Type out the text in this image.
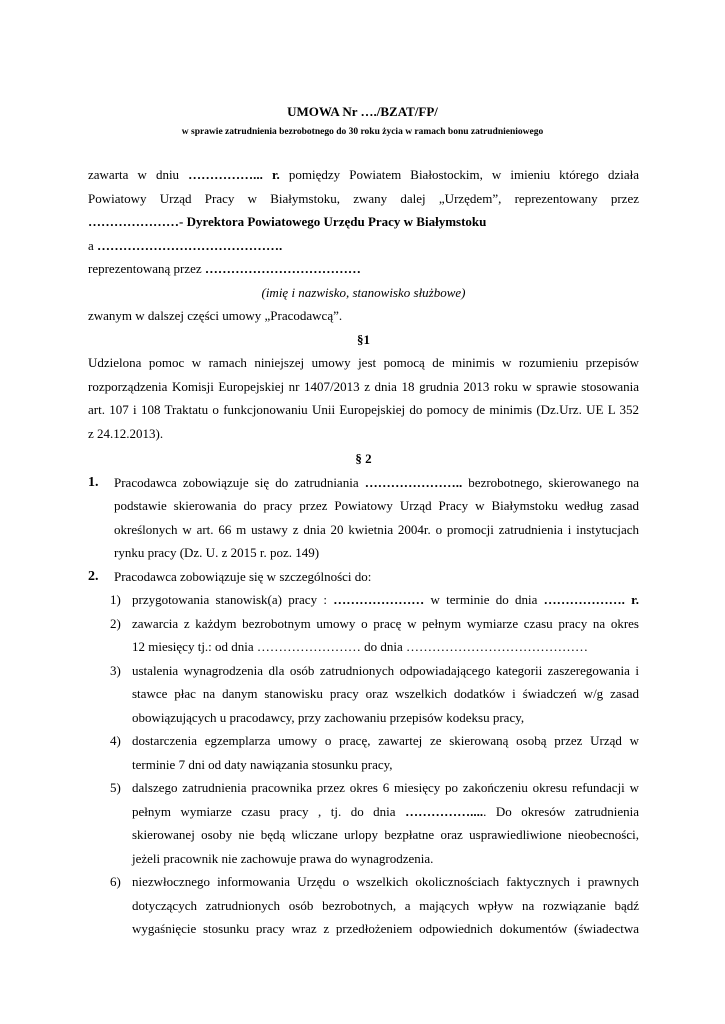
UMOWA Nr …./BZAT/FP/
w sprawie zatrudnienia bezrobotnego do 30 roku życia w ramach bonu zatrudnieniowego
zawarta w dniu ……………... r. pomiędzy Powiatem Białostockim, w imieniu którego działa
Powiatowy Urząd Pracy w Białymstoku, zwany dalej „Urzędem”, reprezentowany przez
…………………- Dyrektora Powiatowego Urzędu Pracy w Białymstoku
a …………………………………….
reprezentowaną przez ………………………………
(imię i nazwisko, stanowisko służbowe)
zwanym w dalszej części umowy „Pracodawcą”.
§1
Udzielona pomoc w ramach niniejszej umowy jest pomocą de minimis w rozumieniu przepisów
rozporządzenia Komisji Europejskiej nr 1407/2013 z dnia 18 grudnia 2013 roku w sprawie stosowania
art. 107 i 108 Traktatu o funkcjonowaniu Unii Europejskiej do pomocy de minimis (Dz.Urz. UE L 352
z 24.12.2013).
§ 2
1. Pracodawca zobowiązuje się do zatrudniania ………………….. bezrobotnego, skierowanego na
podstawie skierowania do pracy przez Powiatowy Urząd Pracy w Białymstoku według zasad
określonych w art. 66 m ustawy z dnia 20 kwietnia 2004r. o promocji zatrudnienia i instytucjach
rynku pracy (Dz. U. z 2015 r. poz. 149)
2. Pracodawca zobowiązuje się w szczególności do:
1) przygotowania stanowisk(a) pracy : ………………… w terminie do dnia ………………. r.
2) zawarcia z każdym bezrobotnym umowy o pracę w pełnym wymiarze czasu pracy na okres
12 miesięcy tj.: od dnia …………………… do dnia ……………………………………
3) ustalenia wynagrodzenia dla osób zatrudnionych odpowiadającego kategorii zaszeregowania i
stawce płac na danym stanowisku pracy oraz wszelkich dodatków i świadczeń w/g zasad
obowiązujących u pracodawcy, przy zachowaniu przepisów kodeksu pracy,
4) dostarczenia egzemplarza umowy o pracę, zawartej ze skierowaną osobą przez Urząd w
terminie 7 dni od daty nawiązania stosunku pracy,
5) dalszego zatrudnienia pracownika przez okres 6 miesięcy po zakończeniu okresu refundacji w
pełnym wymiarze czasu pracy , tj. do dnia ……………..... Do okresów zatrudnienia
skierowanej osoby nie będą wliczane urlopy bezpłatne oraz usprawiedliwione nieobecności,
jeżeli pracownik nie zachowuje prawa do wynagrodzenia.
6) niezwłocznego informowania Urzędu o wszelkich okolicznościach faktycznych i prawnych
dotyczących zatrudnionych osób bezrobotnych, a mających wpływ na rozwiązanie bądź
wygaśnięcie stosunku pracy wraz z przedłożeniem odpowiednich dokumentów (świadectwa
